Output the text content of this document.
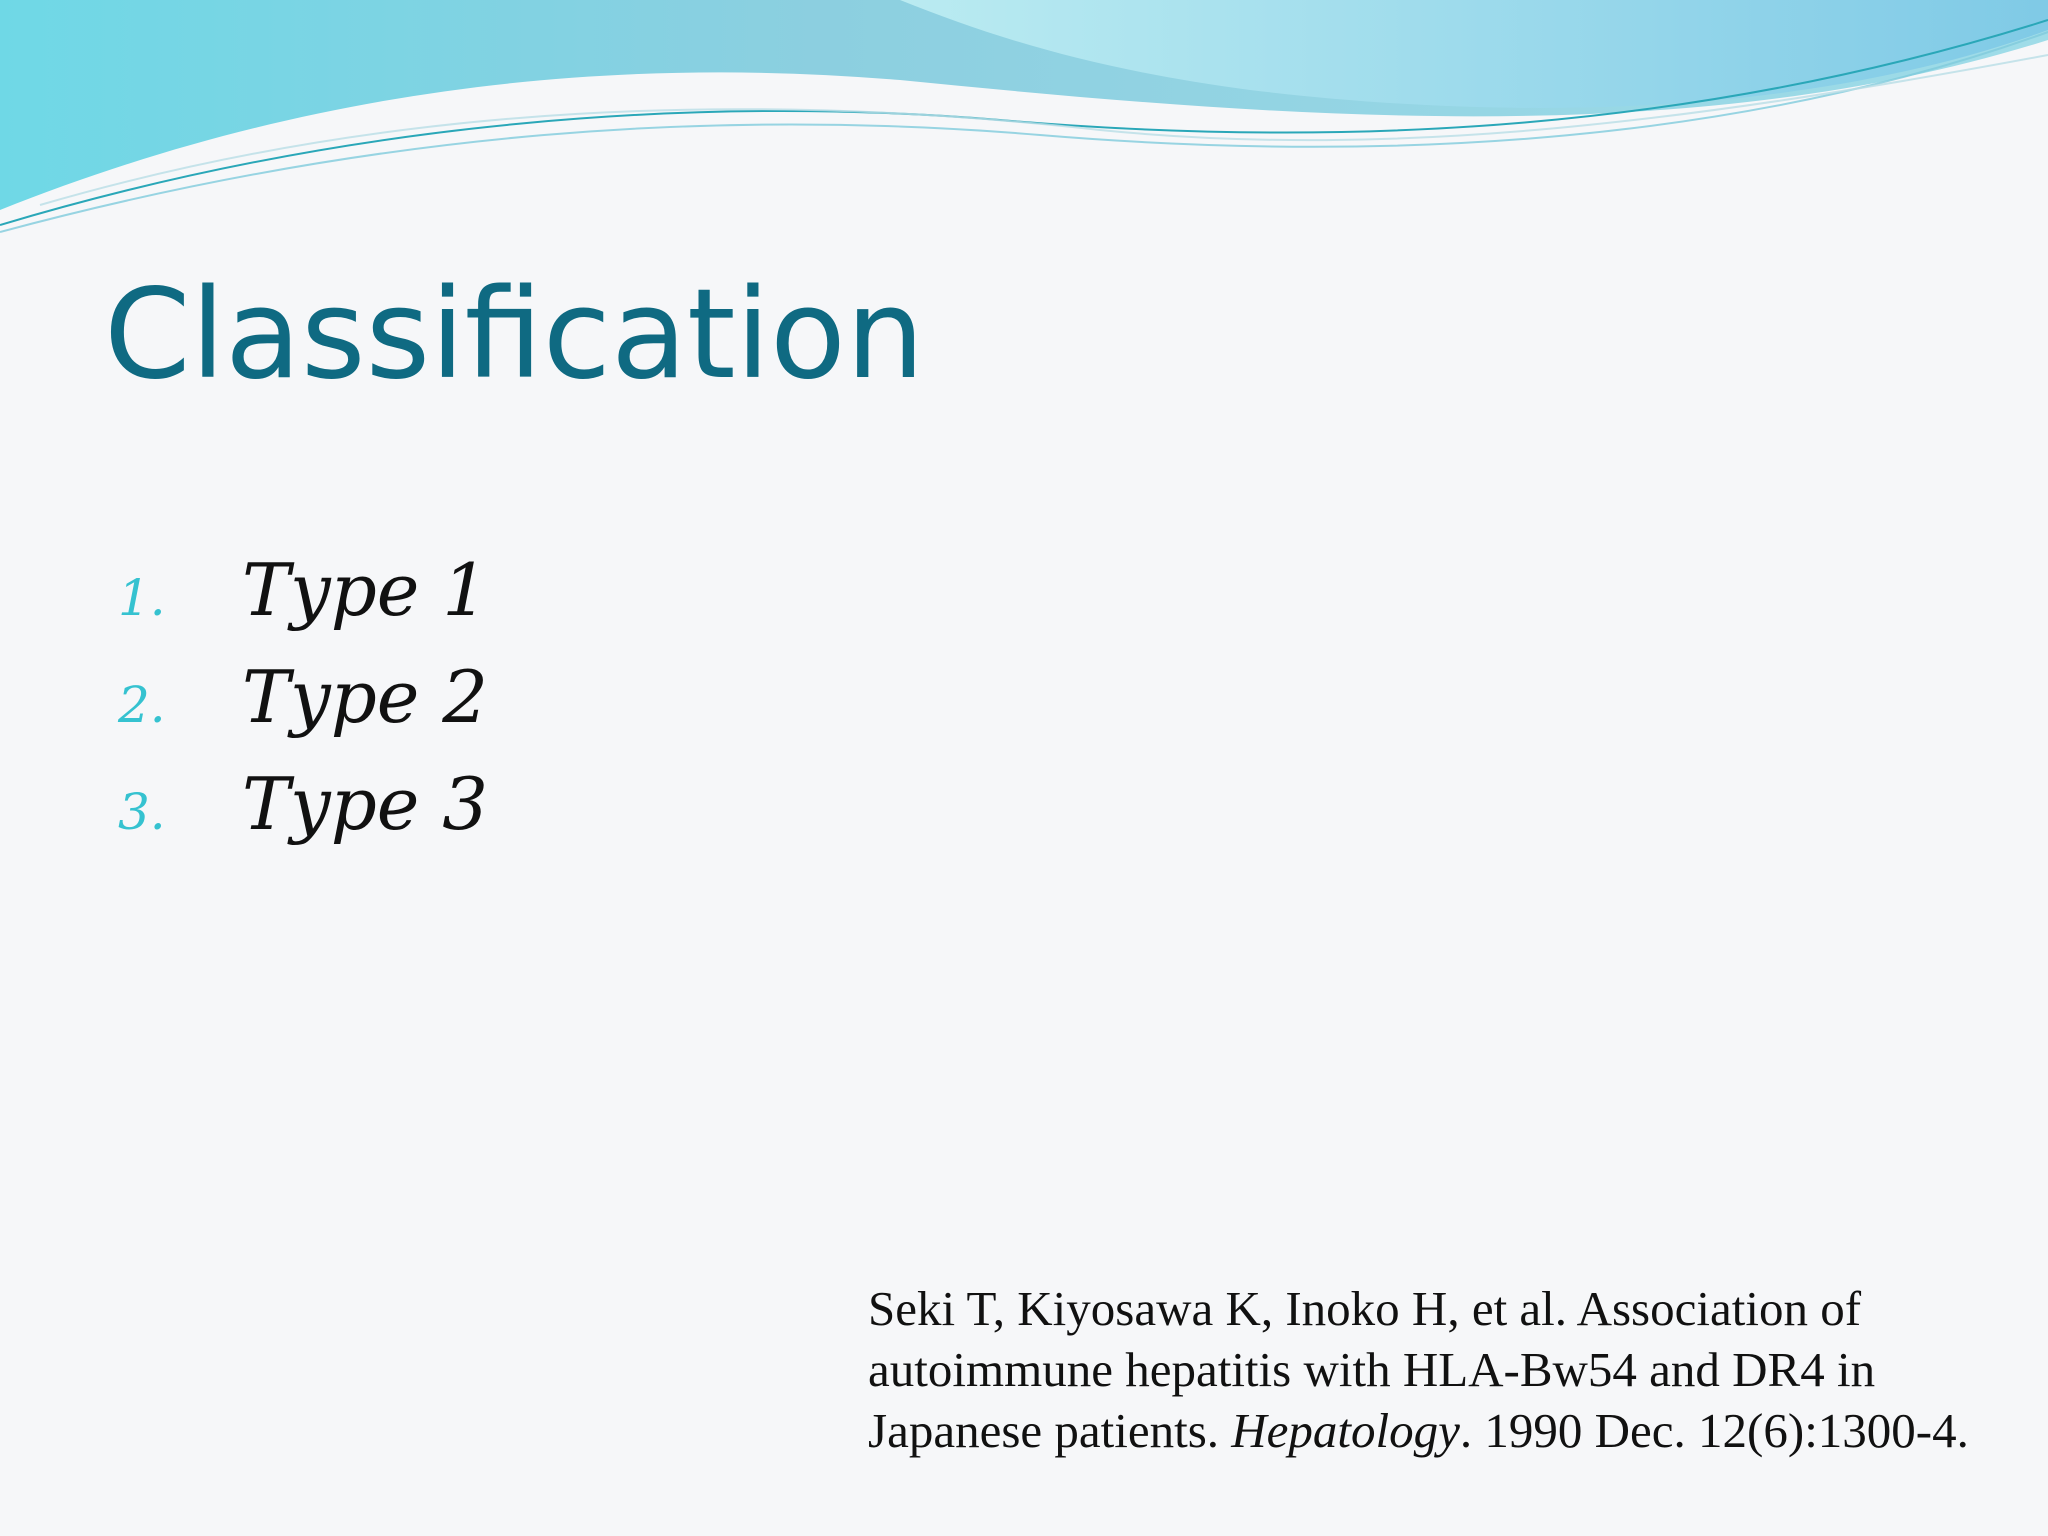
Classification
1.	Type 1
2.	Type 2
3.	Type 3

Seki T, Kiyosawa K, Inoko H, et al. Association of autoimmune hepatitis with HLA-Bw54 and DR4 in Japanese patients. Hepatology. 1990 Dec. 12(6):1300-4.
